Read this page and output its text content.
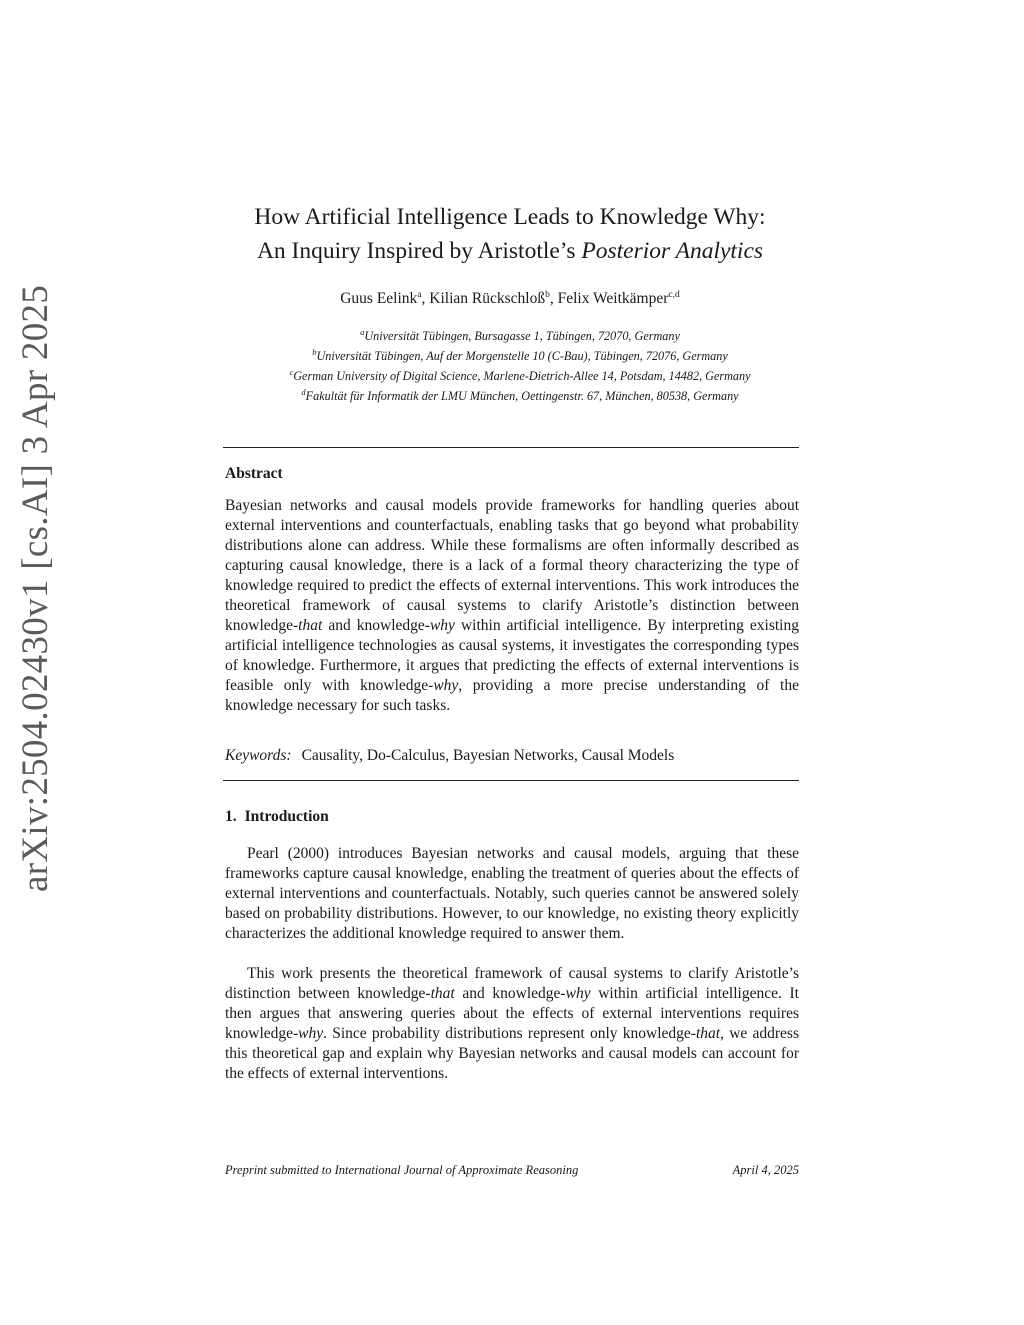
arXiv:2504.02430v1 [cs.AI] 3 Apr 2025
How Artificial Intelligence Leads to Knowledge Why:
An Inquiry Inspired by Aristotle’s Posterior Analytics
Guus Eelink$^a$, Kilian Rückschloß$^b$, Felix Weitkämper$^{c,d}$
$^a$Universität Tübingen, Bursagasse 1, Tübingen, 72070, Germany
$^b$Universität Tübingen, Auf der Morgenstelle 10 (C-Bau), Tübingen, 72076, Germany
$^c$German University of Digital Science, Marlene-Dietrich-Allee 14, Potsdam, 14482, Germany
$^d$Fakultät für Informatik der LMU München, Oettingenstr. 67, München, 80538, Germany
Abstract
Bayesian networks and causal models provide frameworks for handling queries about external interventions and counterfactuals, enabling tasks that go beyond what probability distributions alone can address. While these formalisms are often informally described as capturing causal knowledge, there is a lack of a formal theory characterizing the type of knowledge required to predict the effects of external interventions. This work introduces the theoretical framework of causal systems to clarify Aristotle’s distinction between knowledge-that and knowledge-why within artificial intelligence. By interpreting existing artificial intelligence technologies as causal systems, it investigates the corresponding types of knowledge. Furthermore, it argues that predicting the effects of external interventions is feasible only with knowledge-why, providing a more precise understanding of the knowledge necessary for such tasks.
Keywords: Causality, Do-Calculus, Bayesian Networks, Causal Models
1. Introduction

Pearl (2000) introduces Bayesian networks and causal models, arguing that these frameworks capture causal knowledge, enabling the treatment of queries about the effects of external interventions and counterfactuals. Notably, such queries cannot be answered solely based on probability distributions. However, to our knowledge, no existing theory explicitly characterizes the additional knowledge required to answer them.

This work presents the theoretical framework of causal systems to clarify Aristotle’s distinction between knowledge-that and knowledge-why within artificial intelligence. It then argues that answering queries about the effects of external interventions requires knowledge-why. Since probability distributions represent only knowledge-that, we address this theoretical gap and explain why Bayesian networks and causal models can account for the effects of external interventions.

Preprint submitted to International Journal of Approximate Reasoning	April 4, 2025
